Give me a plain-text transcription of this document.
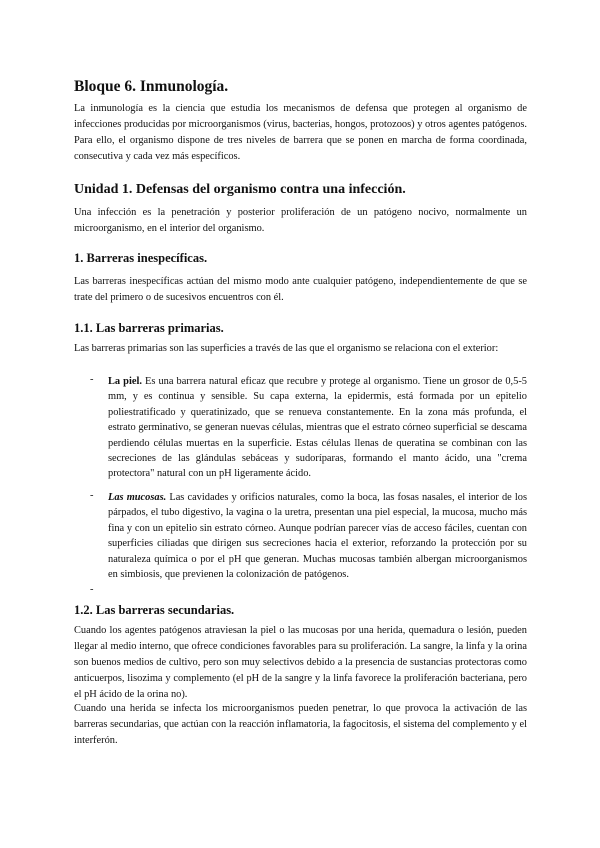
Bloque 6. Inmunología.

La inmunología es la ciencia que estudia los mecanismos de defensa que protegen al organismo de infecciones producidas por microorganismos (virus, bacterias, hongos, protozoos) y otros agentes patógenos. Para ello, el organismo dispone de tres niveles de barrera que se ponen en marcha de forma coordinada, consecutiva y cada vez más específicos.

Unidad 1. Defensas del organismo contra una infección.

Una infección es la penetración y posterior proliferación de un patógeno nocivo, normalmente un microorganismo, en el interior del organismo.

1. Barreras inespecíficas.

Las barreras inespecíficas actúan del mismo modo ante cualquier patógeno, independientemente de que se trate del primero o de sucesivos encuentros con él.

1.1. Las barreras primarias.

Las barreras primarias son las superficies a través de las que el organismo se relaciona con el exterior:

- La piel. Es una barrera natural eficaz que recubre y protege al organismo. Tiene un grosor de 0,5-5 mm, y es continua y sensible. Su capa externa, la epidermis, está formada por un epitelio poliestratificado y queratinizado, que se renueva constantemente. En la zona más profunda, el estrato germinativo, se generan nuevas células, mientras que el estrato córneo superficial se descama perdiendo células muertas en la superficie. Estas células llenas de queratina se combinan con las secreciones de las glándulas sebáceas y sudoríparas, formando el manto ácido, una "crema protectora" natural con un pH ligeramente ácido.

- Las mucosas. Las cavidades y orificios naturales, como la boca, las fosas nasales, el interior de los párpados, el tubo digestivo, la vagina o la uretra, presentan una piel especial, la mucosa, mucho más fina y con un epitelio sin estrato córneo. Aunque podrían parecer vías de acceso fáciles, cuentan con superficies ciliadas que dirigen sus secreciones hacia el exterior, reforzando la protección por su naturaleza química o por el pH que generan. Muchas mucosas también albergan microorganismos en simbiosis, que previenen la colonización de patógenos.

-
1.2. Las barreras secundarias.

Cuando los agentes patógenos atraviesan la piel o las mucosas por una herida, quemadura o lesión, pueden llegar al medio interno, que ofrece condiciones favorables para su proliferación. La sangre, la linfa y la orina son buenos medios de cultivo, pero son muy selectivos debido a la presencia de sustancias protectoras como anticuerpos, lisozima y complemento (el pH de la sangre y la linfa favorece la proliferación bacteriana, pero el pH ácido de la orina no).

Cuando una herida se infecta los microorganismos pueden penetrar, lo que provoca la activación de las barreras secundarias, que actúan con la reacción inflamatoria, la fagocitosis, el sistema del complemento y el interferón.
